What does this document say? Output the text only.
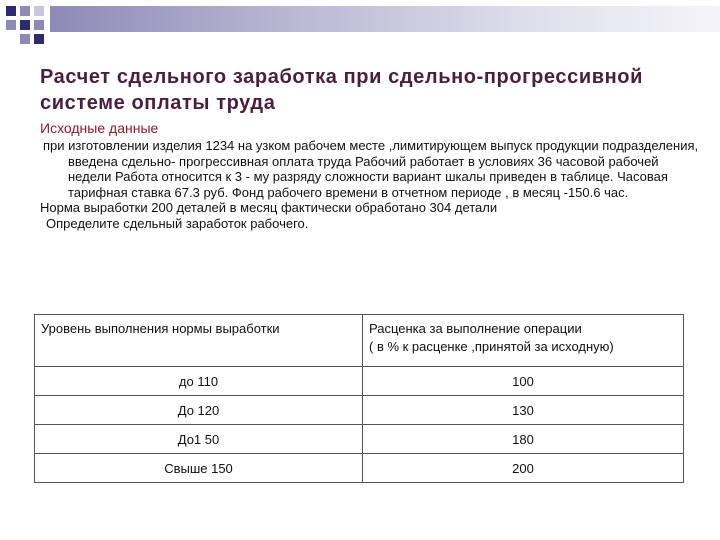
Расчет сдельного заработка при сдельно-прогрессивной системе оплаты труда
Исходные данные
при изготовлении изделия 1234 на узком рабочем месте ,лимитирующем выпуск продукции подразделения, введена сдельно- прогрессивная оплата труда Рабочий работает в условиях 36 часовой рабочей недели Работа относится к 3 - му разряду сложности вариант шкалы приведен в таблице. Часовая тарифная ставка 67.3 руб. Фонд рабочего времени в отчетном периоде , в месяц -150.6 час.
Норма выработки 200 деталей в месяц фактически обработано 304 детали
Определите сдельный заработок рабочего.
Уровень выполнения нормы выработки	Расценка за выполнение операции
( в % к расценке ,принятой за исходную)

до 110	100
До 120	130
До1 50	180
Свыше 150	200
